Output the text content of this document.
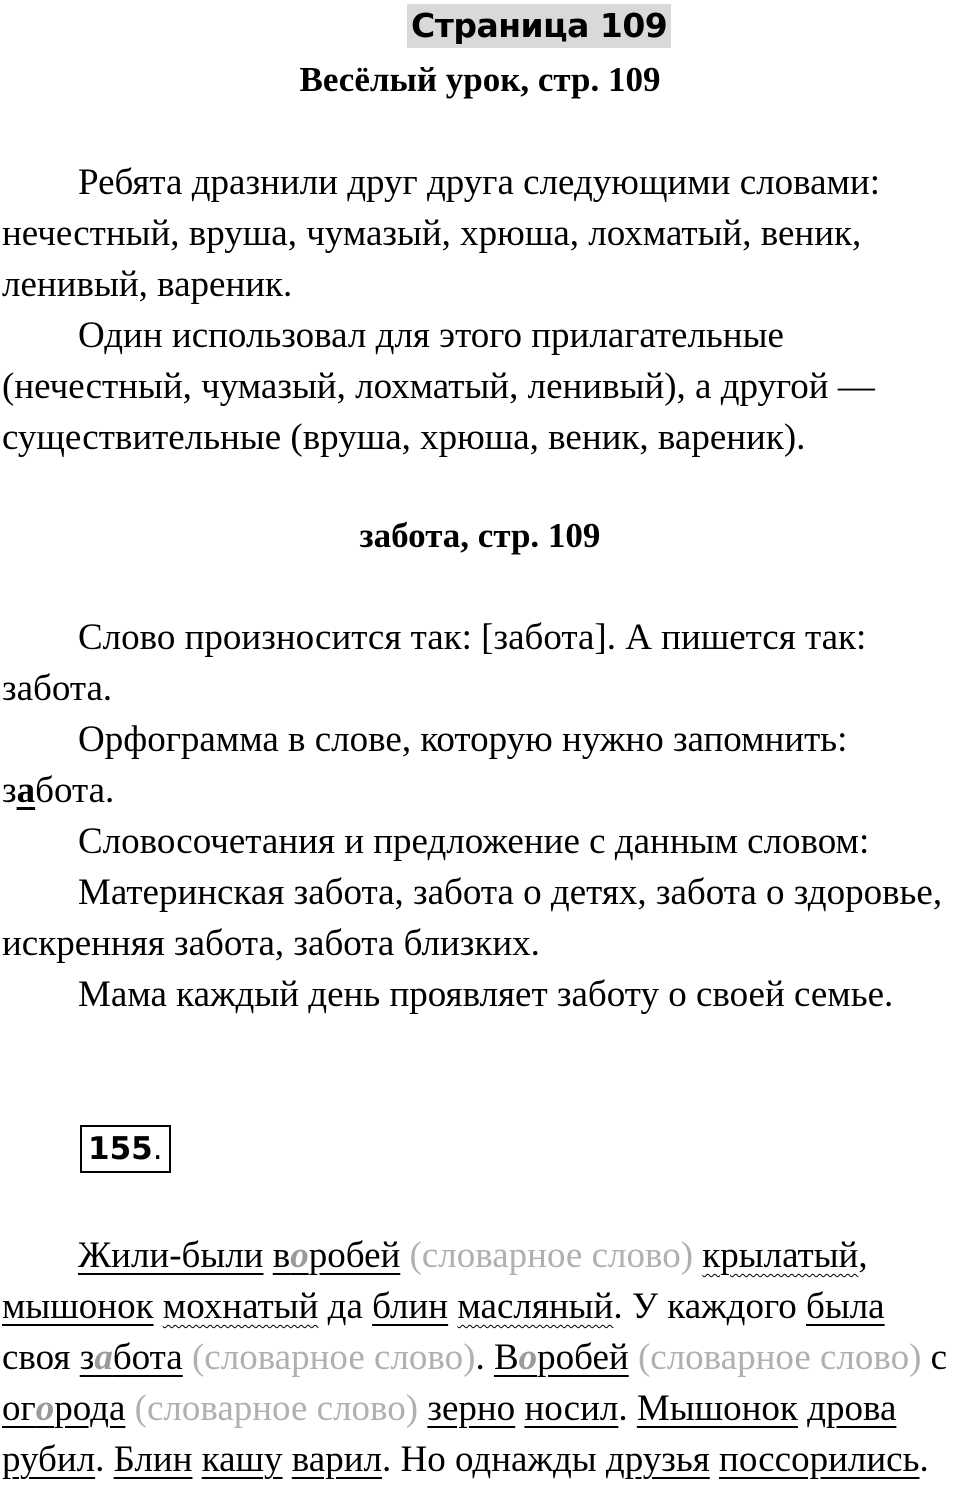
Страница 109
Весёлый урок, стр. 109

Ребята дразнили друг друга следующими словами: нечестный, вруша, чумазый, хрюша, лохматый, веник, ленивый, вареник.

Один использовал для этого прилагательные (нечестный, чумазый, лохматый, ленивый), а другой — существительные (вруша, хрюша, веник, вареник).

забота, стр. 109

Слово произносится так: [забота]. А пишется так: забота.

Орфограмма в слове, которую нужно запомнить: забота.

Словосочетания и предложение с данным словом:

Материнская забота, забота о детях, забота о здоровье, искренняя забота, забота близких.

Мама каждый день проявляет заботу о своей семье.

155.

Жили-были воробей (словарное слово) крылатый,
мышонок мохнатый да блин масляный. У каждого была
своя забота (словарное слово). Воробей (словарное слово) с
огорода (словарное слово) зерно носил. Мышонок дрова
рубил. Блин кашу варил. Но однажды друзья поссорились.
